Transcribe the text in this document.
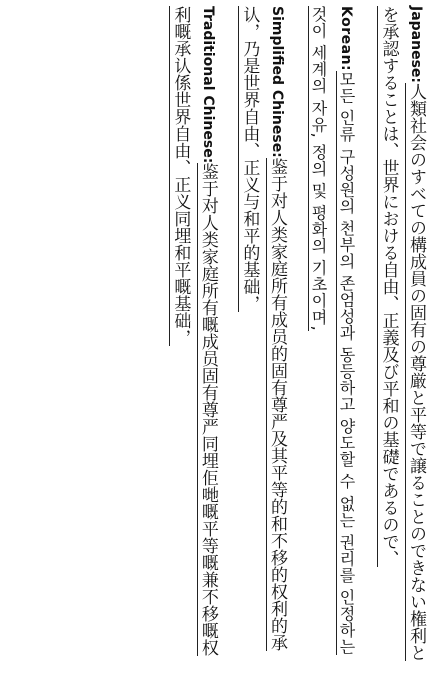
Japanese:人類社会のすべての構成員の固有の尊厳と平等で譲ることのできない権利とを承認することは、世界における自由、正義及び平和の基礎であるので、
Korean:모든 인류 구성원의 천부의 존엄성과 동등하고 양도할 수 없는 권리를 인정하는 것이 세계의 자유, 정의 및 평화의 기초이며,
Simplified Chinese:鉴于对人类家庭所有成员的固有尊严及其平等的和不移的权利的承认，乃是世界自由、正义与和平的基础，
Traditional Chinese:鉴于对人类家庭所有嘅成员固有尊严同埋佢哋嘅平等嘅兼不移嘅权利嘅承认係世界自由、正义同埋和平嘅基础，
